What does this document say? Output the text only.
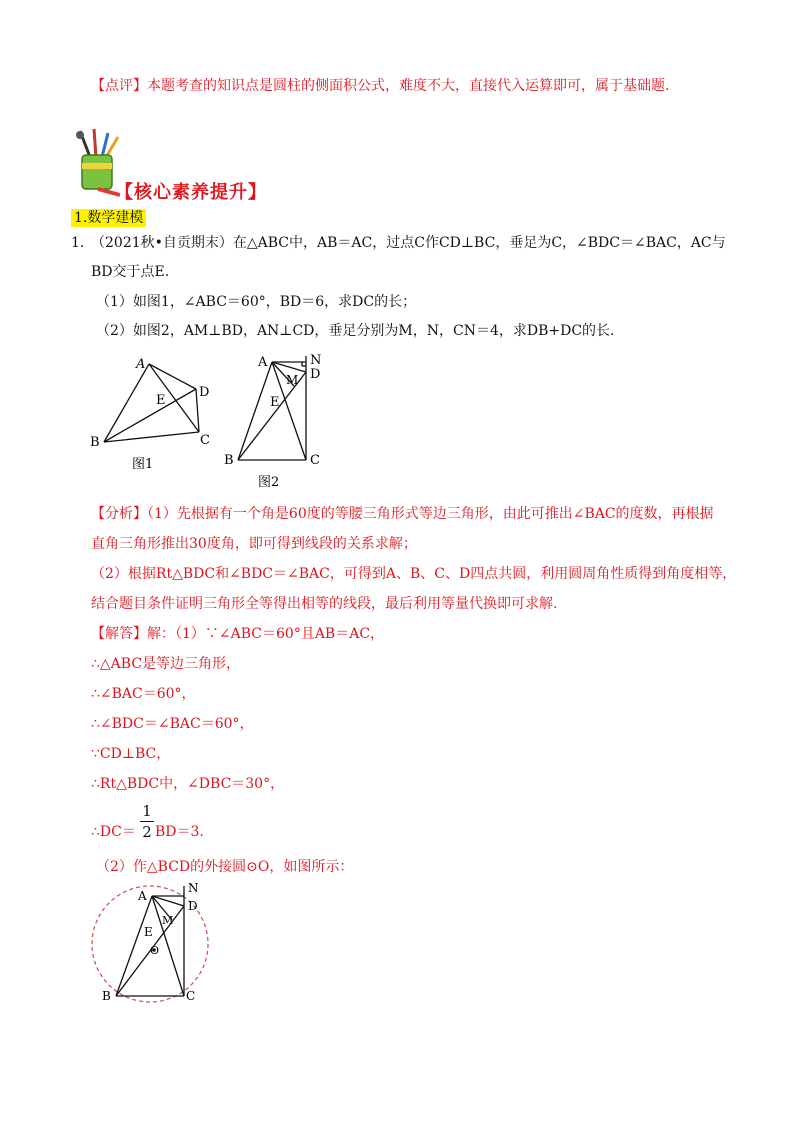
【点评】本题考查的知识点是圆柱的侧面积公式，难度不大，直接代入运算即可，属于基础题.
【核心素养提升】
1.数学建模
1．
（2021秋•自贡期末）在△ABC中，AB＝AC，过点C作CD⊥BC，垂足为C，∠BDC＝∠BAC，AC与
BD交于点E.
（1）如图1，∠ABC＝60°，BD＝6，求DC的长；
（2）如图2，AM⊥BD，AN⊥CD，垂足分别为M，N，CN＝4，求DB+DC的长.
A
B	C
D
E
图1
A	N
D
M
E
B	C
图2
【分析】（1）先根据有一个角是60度的等腰三角形式等边三角形，由此可推出∠BAC的度数，再根据
直角三角形推出30度角，即可得到线段的关系求解；
（2）根据Rt△BDC和∠BDC＝∠BAC，可得到A、B、C、D四点共圆，利用圆周角性质得到角度相等，
结合题目条件证明三角形全等得出相等的线段，最后利用等量代换即可求解.
【解答】解：（1）∵∠ABC＝60°且AB＝AC，
∴△ABC是等边三角形，
∴∠BAC＝60°，
∴∠BDC＝∠BAC＝60°，
∵CD⊥BC，
∴Rt△BDC中，∠DBC＝30°，
∴DC＝
1
2 BD＝3.
（2）作△BCD的外接圆⊙O，如图所示：
A
N
D
M
E
O
B	C
